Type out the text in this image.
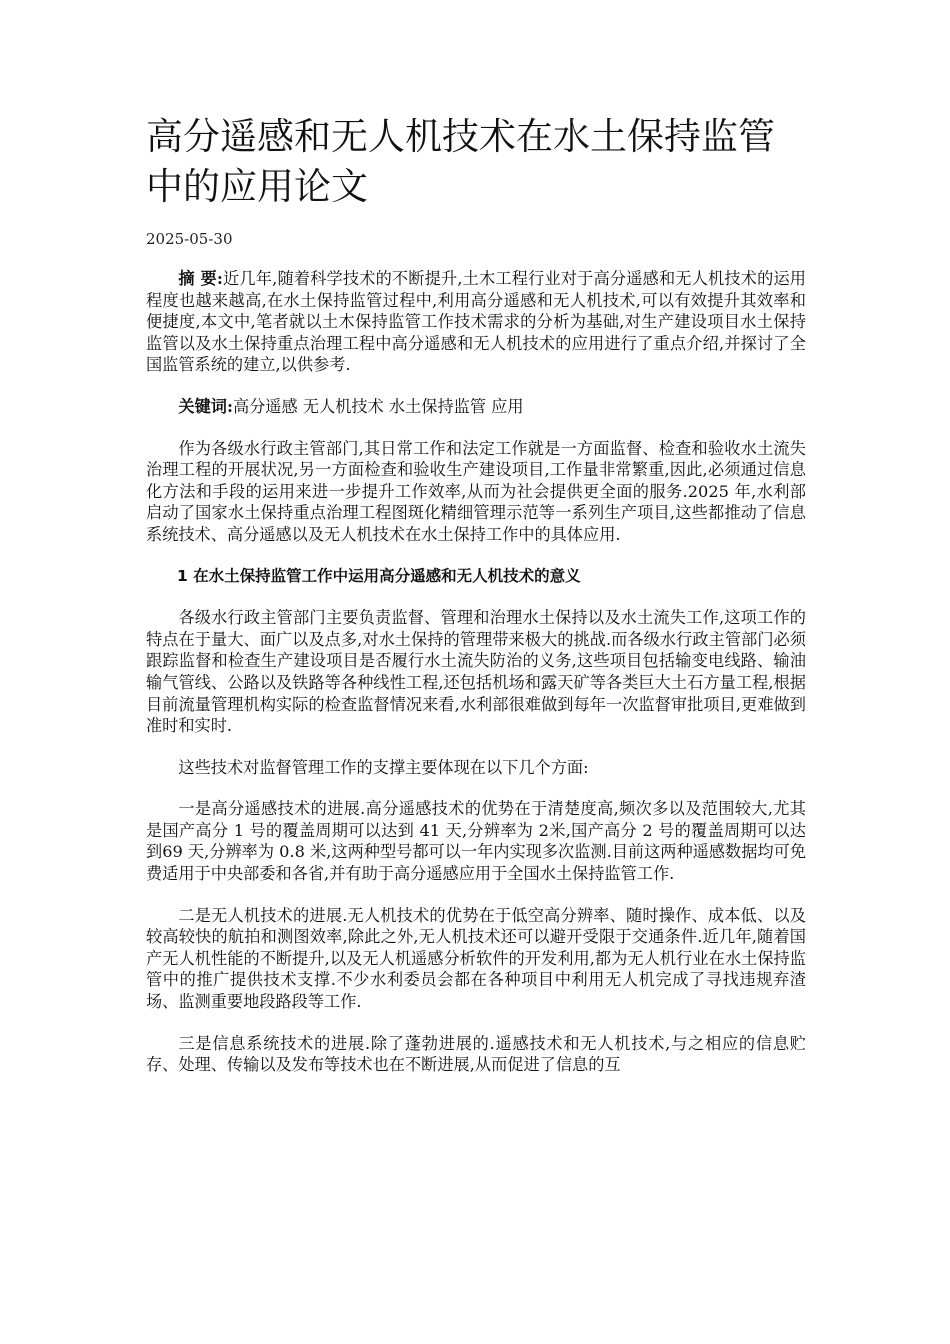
高分遥感和无人机技术在水土保持监管中的应用论文
2025-05-30

摘 要:近几年,随着科学技术的不断提升,土木工程行业对于高分遥感和无人机技术的运用程度也越来越高,在水土保持监管过程中,利用高分遥感和无人机技术,可以有效提升其效率和便捷度,本文中,笔者就以土木保持监管工作技术需求的分析为基础,对生产建设项目水土保持监管以及水土保持重点治理工程中高分遥感和无人机技术的应用进行了重点介绍,并探讨了全国监管系统的建立,以供参考.

关键词:高分遥感 无人机技术 水土保持监管 应用

作为各级水行政主管部门,其日常工作和法定工作就是一方面监督、检查和验收水土流失治理工程的开展状况,另一方面检查和验收生产建设项目,工作量非常繁重,因此,必须通过信息化方法和手段的运用来进一步提升工作效率,从而为社会提供更全面的服务.2025 年,水利部启动了国家水土保持重点治理工程图斑化精细管理示范等一系列生产项目,这些都推动了信息系统技术、高分遥感以及无人机技术在水土保持工作中的具体应用.

1 在水土保持监管工作中运用高分遥感和无人机技术的意义

各级水行政主管部门主要负责监督、管理和治理水土保持以及水土流失工作,这项工作的特点在于量大、面广以及点多,对水土保持的管理带来极大的挑战.而各级水行政主管部门必须跟踪监督和检查生产建设项目是否履行水土流失防治的义务,这些项目包括输变电线路、输油输气管线、公路以及铁路等各种线性工程,还包括机场和露天矿等各类巨大土石方量工程,根据目前流量管理机构实际的检查监督情况来看,水利部很难做到每年一次监督审批项目,更难做到准时和实时.

这些技术对监督管理工作的支撑主要体现在以下几个方面:

一是高分遥感技术的进展.高分遥感技术的优势在于清楚度高,频次多以及范围较大,尤其是国产高分 1 号的覆盖周期可以达到 41 天,分辨率为 2米,国产高分 2 号的覆盖周期可以达到69 天,分辨率为 0.8 米,这两种型号都可以一年内实现多次监测.目前这两种遥感数据均可免费适用于中央部委和各省,并有助于高分遥感应用于全国水土保持监管工作.

二是无人机技术的进展.无人机技术的优势在于低空高分辨率、随时操作、成本低、以及较高较快的航拍和测图效率,除此之外,无人机技术还可以避开受限于交通条件.近几年,随着国产无人机性能的不断提升,以及无人机遥感分析软件的开发利用,都为无人机行业在水土保持监管中的推广提供技术支撑.不少水利委员会都在各种项目中利用无人机完成了寻找违规弃渣场、监测重要地段路段等工作.

三是信息系统技术的进展.除了蓬勃进展的.遥感技术和无人机技术,与之相应的信息贮存、处理、传输以及发布等技术也在不断进展,从而促进了信息的互
